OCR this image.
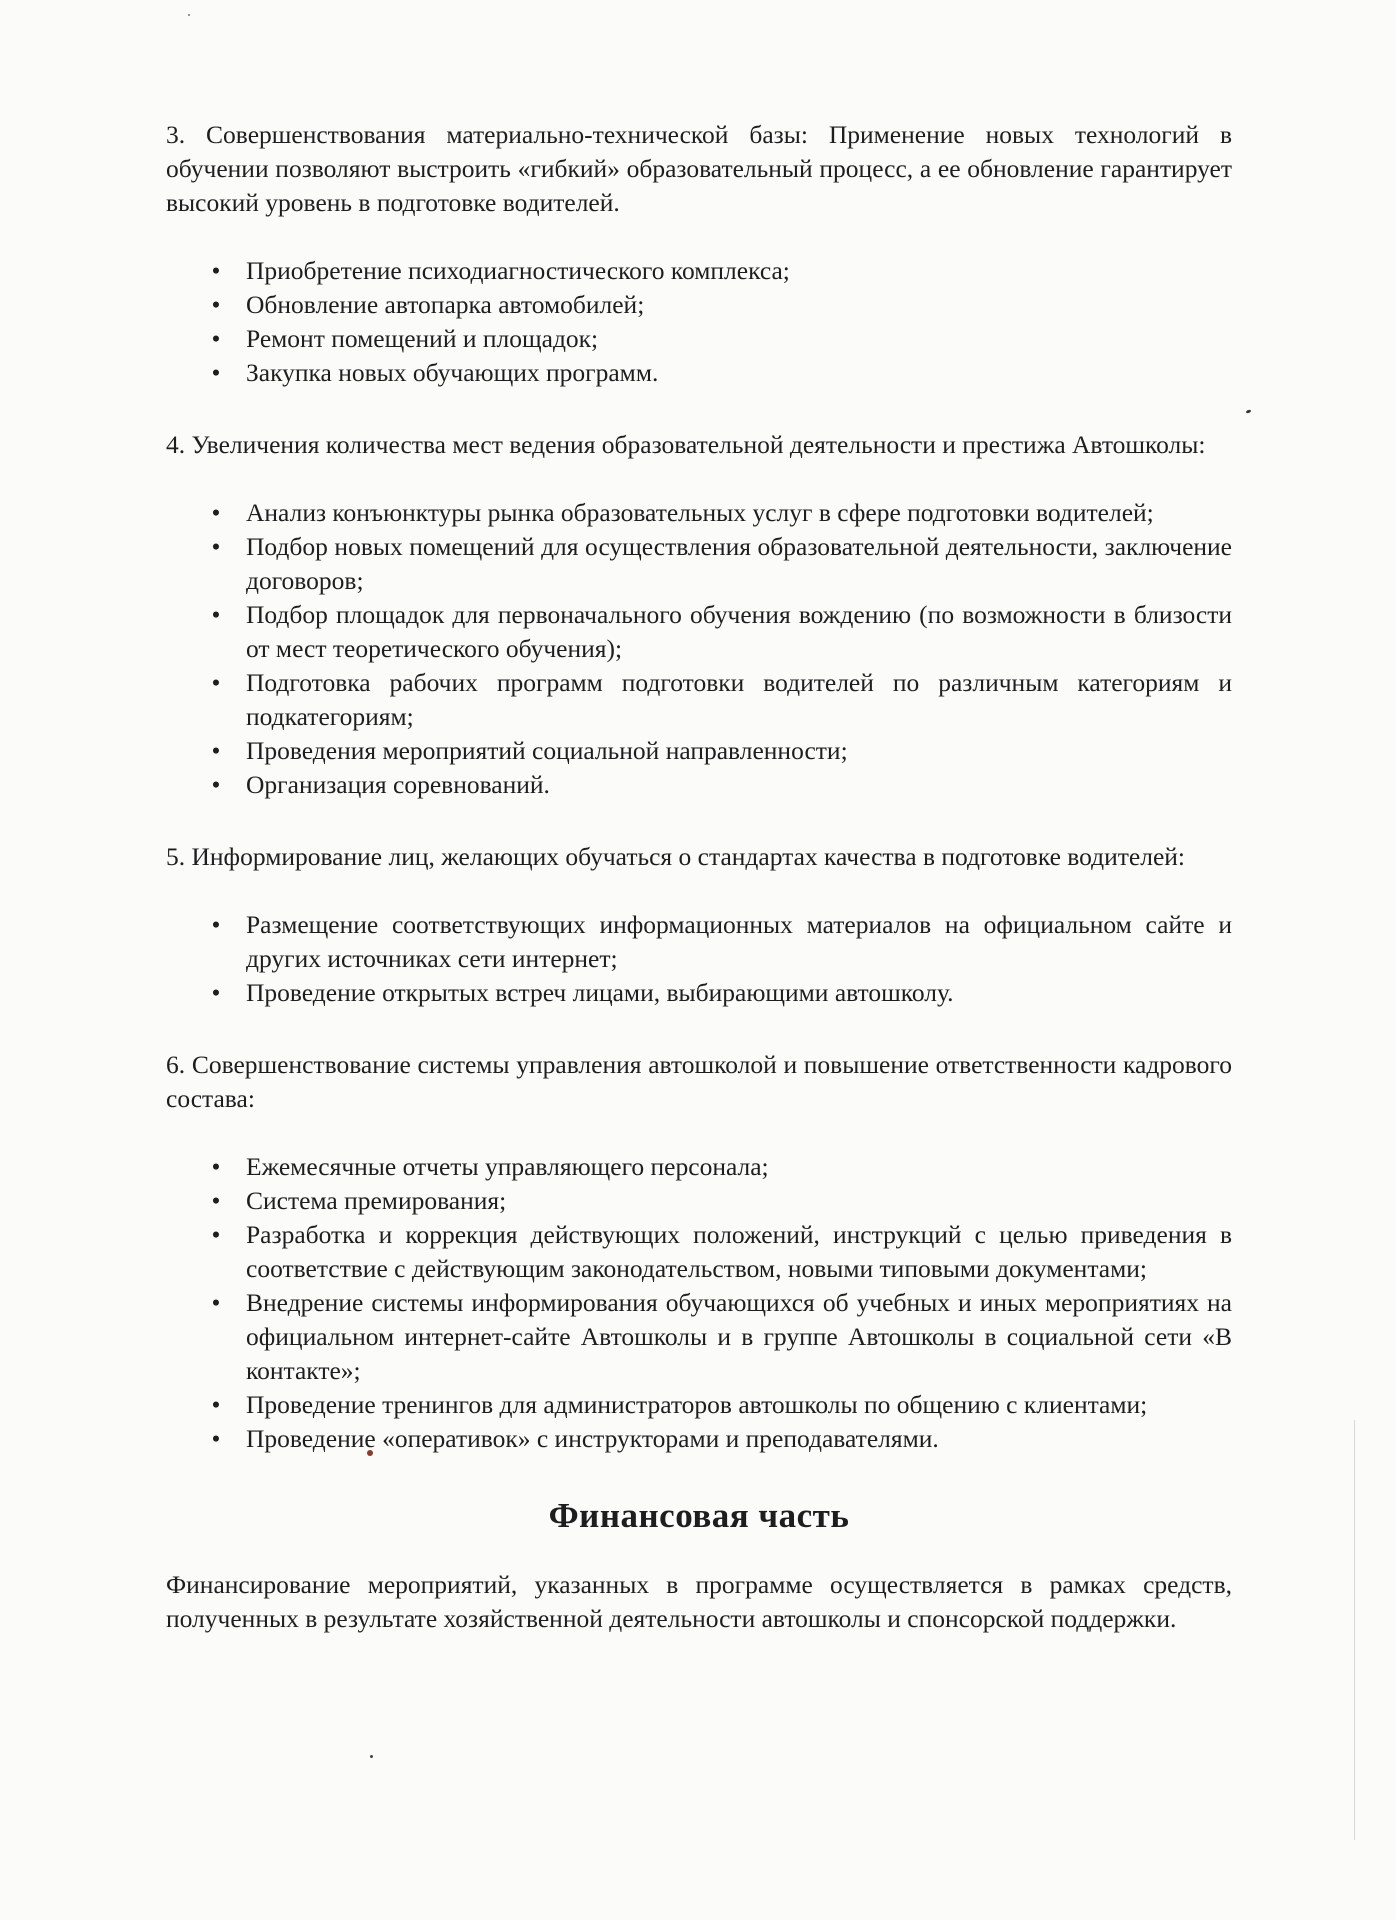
3. Совершенствования материально-технической базы: Применение новых технологий в обучении позволяют выстроить «гибкий» образовательный процесс, а ее обновление гарантирует высокий уровень в подготовке водителей.

• Приобретение психодиагностического комплекса;
• Обновление автопарка автомобилей;
• Ремонт помещений и площадок;
• Закупка новых обучающих программ.

4. Увеличения количества мест ведения образовательной деятельности и престижа Автошколы:

• Анализ конъюнктуры рынка образовательных услуг в сфере подготовки водителей;
• Подбор новых помещений для осуществления образовательной деятельности, заключение договоров;
• Подбор площадок для первоначального обучения вождению (по возможности в близости от мест теоретического обучения);
• Подготовка рабочих программ подготовки водителей по различным категориям и подкатегориям;
• Проведения мероприятий социальной направленности;
• Организация соревнований.

5. Информирование лиц, желающих обучаться о стандартах качества в подготовке водителей:

• Размещение соответствующих информационных материалов на официальном сайте и других источниках сети интернет;
• Проведение открытых встреч лицами, выбирающими автошколу.

6. Совершенствование системы управления автошколой и повышение ответственности кадрового состава:

• Ежемесячные отчеты управляющего персонала;
• Система премирования;
• Разработка и коррекция действующих положений, инструкций с целью приведения в соответствие с действующим законодательством, новыми типовыми документами;
• Внедрение системы информирования обучающихся об учебных и иных мероприятиях на официальном интернет-сайте Автошколы и в группе Автошколы в социальной сети «В контакте»;
• Проведение тренингов для администраторов автошколы по общению с клиентами;
• Проведение «оперативок» с инструкторами и преподавателями.
Финансовая часть

Финансирование мероприятий, указанных в программе осуществляется в рамках средств, полученных в результате хозяйственной деятельности автошколы и спонсорской поддержки.
